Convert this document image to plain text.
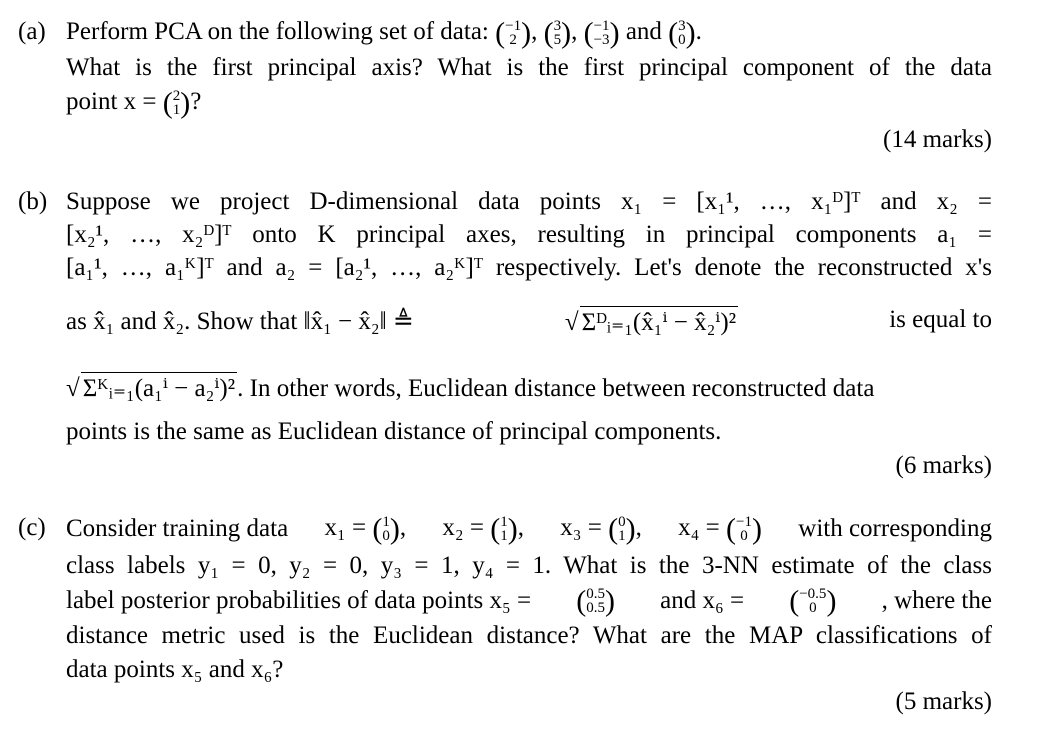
(a) Perform PCA on the following set of data: ( −1
2 ), ( 3
5 ), ( −1
−3 ) and ( 3
0 ).
What is the first principal axis? What is the first principal component of the data
point x = ( 2
1 )?
(14 marks)
(b) Suppose we project D-dimensional data points x₁ = [x₁¹, …, x₁ᴰ]ᵀ and x₂ =
[x₂¹, …, x₂ᴰ]ᵀ onto K principal axes, resulting in principal components a₁ =
[a₁¹, …, a₁ᴷ]ᵀ and a₂ = [a₂¹, …, a₂ᴷ]ᵀ respectively. Let's denote the reconstructed x's
as x̂₁ and x̂₂. Show that ‖x̂₁ − x̂₂‖ ≜	√ Σᴰᵢ₌₁(x̂₁ⁱ − x̂₂ⁱ)²	is equal to
√ Σᴷᵢ₌₁(a₁ⁱ − a₂ⁱ)². In other words, Euclidean distance between reconstructed data
points is the same as Euclidean distance of principal components.
(6 marks)
(c) Consider training data x₁ = ( 1
0 ), x₂ = ( 1
1 ), x₃ = ( 0
1 ), x₄ = ( −1
0 ) with corresponding
class labels y₁ = 0, y₂ = 0, y₃ = 1, y₄ = 1. What is the 3-NN estimate of the class
label posterior probabilities of data points x₅ = ( 0.5
0.5 ) and x₆ = ( −0.5
0 ) , where the
distance metric used is the Euclidean distance? What are the MAP classifications of
data points x₅ and x₆?
(5 marks)
